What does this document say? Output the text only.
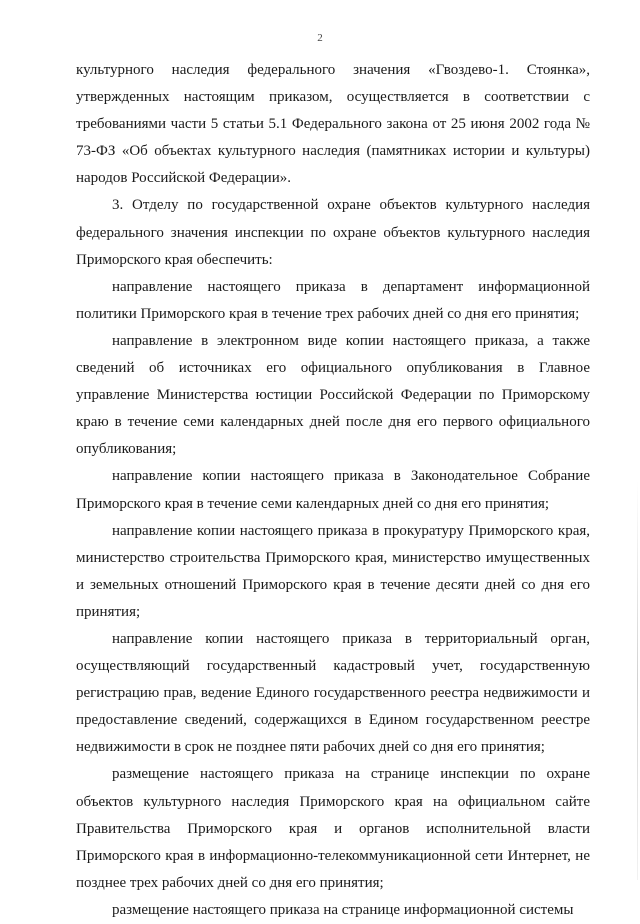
2

культурного наследия федерального значения «Гвоздево-1. Стоянка», утвержденных настоящим приказом, осуществляется в соответствии с требованиями части 5 статьи 5.1 Федерального закона от 25 июня 2002 года № 73-ФЗ «Об объектах культурного наследия (памятниках истории и культуры) народов Российской Федерации».

3. Отделу по государственной охране объектов культурного наследия федерального значения инспекции по охране объектов культурного наследия Приморского края обеспечить:

направление настоящего приказа в департамент информационной политики Приморского края в течение трех рабочих дней со дня его принятия;

направление в электронном виде копии настоящего приказа, а также сведений об источниках его официального опубликования в Главное управление Министерства юстиции Российской Федерации по Приморскому краю в течение семи календарных дней после дня его первого официального опубликования;

направление копии настоящего приказа в Законодательное Собрание Приморского края в течение семи календарных дней со дня его принятия;

направление копии настоящего приказа в прокуратуру Приморского края, министерство строительства Приморского края, министерство имущественных и земельных отношений Приморского края в течение десяти дней со дня его принятия;

направление копии настоящего приказа в территориальный орган, осуществляющий государственный кадастровый учет, государственную регистрацию прав, ведение Единого государственного реестра недвижимости и предоставление сведений, содержащихся в Едином государственном реестре недвижимости в срок не позднее пяти рабочих дней со дня его принятия;

размещение настоящего приказа на странице инспекции по охране объектов культурного наследия Приморского края на официальном сайте Правительства Приморского края и органов исполнительной власти Приморского края в информационно-телекоммуникационной сети Интернет, не позднее трех рабочих дней со дня его принятия;

размещение настоящего приказа на странице информационной системы
